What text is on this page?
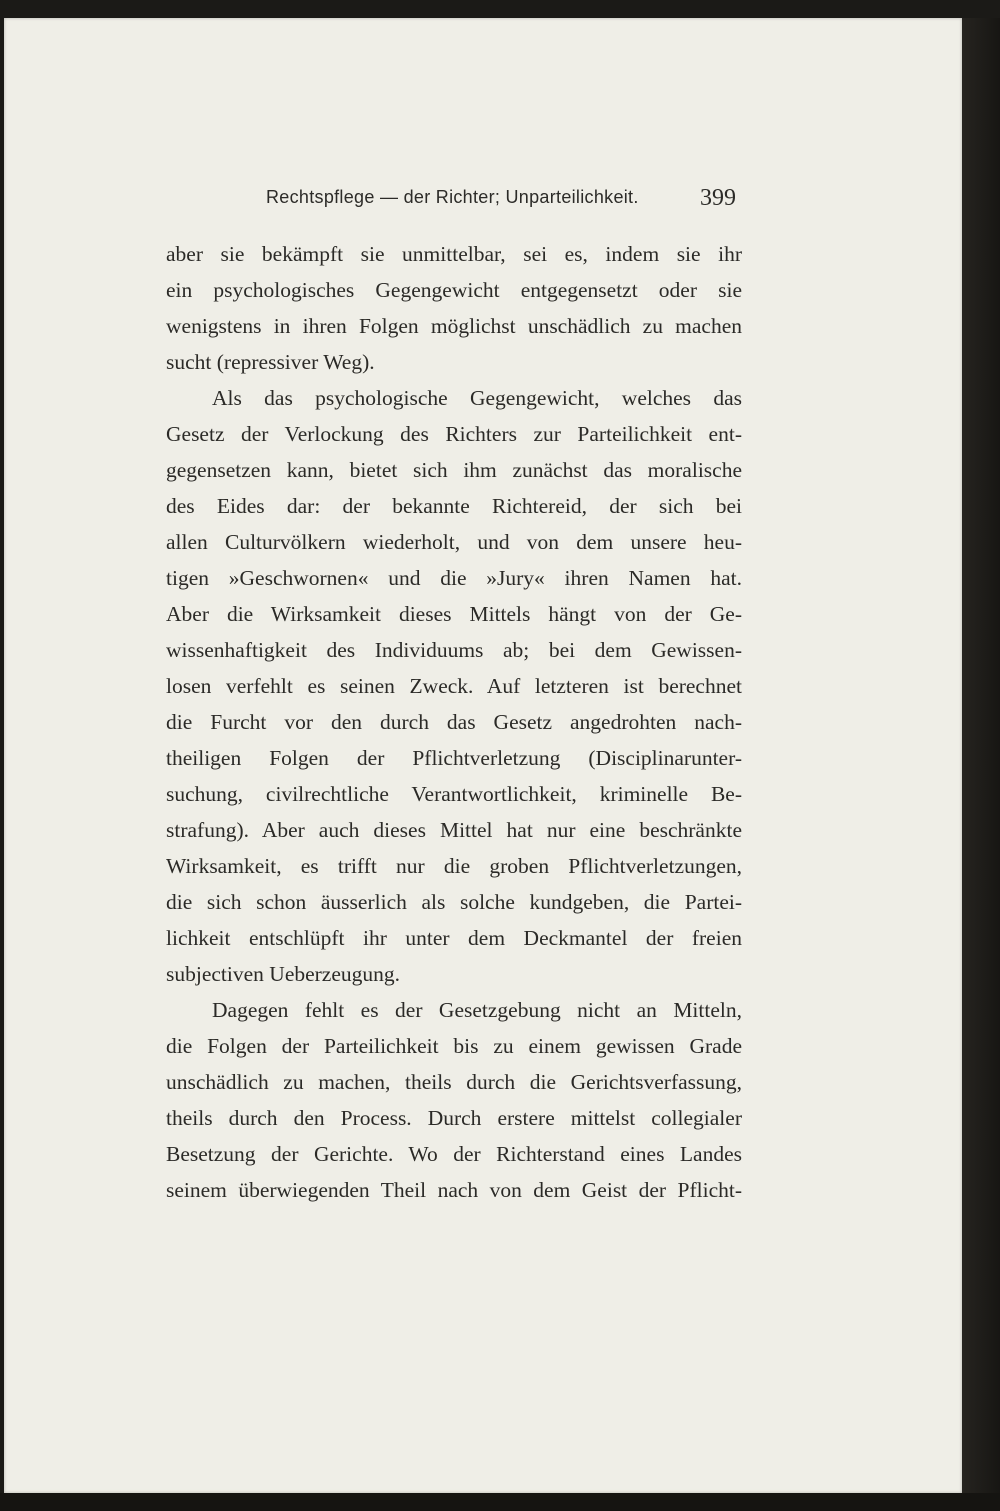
Rechtspflege — der Richter; Unparteilichkeit.	399
aber sie bekämpft sie unmittelbar, sei es, indem sie ihr
ein psychologisches Gegengewicht entgegensetzt oder sie
wenigstens in ihren Folgen möglichst unschädlich zu machen
sucht (repressiver Weg).
Als das psychologische Gegengewicht, welches das
Gesetz der Verlockung des Richters zur Parteilichkeit ent-
gegensetzen kann, bietet sich ihm zunächst das moralische
des Eides dar: der bekannte Richtereid, der sich bei
allen Culturvölkern wiederholt, und von dem unsere heu-
tigen »Geschwornen« und die »Jury« ihren Namen hat.
Aber die Wirksamkeit dieses Mittels hängt von der Ge-
wissenhaftigkeit des Individuums ab; bei dem Gewissen-
losen verfehlt es seinen Zweck. Auf letzteren ist berechnet
die Furcht vor den durch das Gesetz angedrohten nach-
theiligen Folgen der Pflichtverletzung (Disciplinarunter-
suchung, civilrechtliche Verantwortlichkeit, kriminelle Be-
strafung). Aber auch dieses Mittel hat nur eine beschränkte
Wirksamkeit, es trifft nur die groben Pflichtverletzungen,
die sich schon äusserlich als solche kundgeben, die Partei-
lichkeit entschlüpft ihr unter dem Deckmantel der freien
subjectiven Ueberzeugung.
Dagegen fehlt es der Gesetzgebung nicht an Mitteln,
die Folgen der Parteilichkeit bis zu einem gewissen Grade
unschädlich zu machen, theils durch die Gerichtsverfassung,
theils durch den Process. Durch erstere mittelst collegialer
Besetzung der Gerichte. Wo der Richterstand eines Landes
seinem überwiegenden Theil nach von dem Geist der Pflicht-
